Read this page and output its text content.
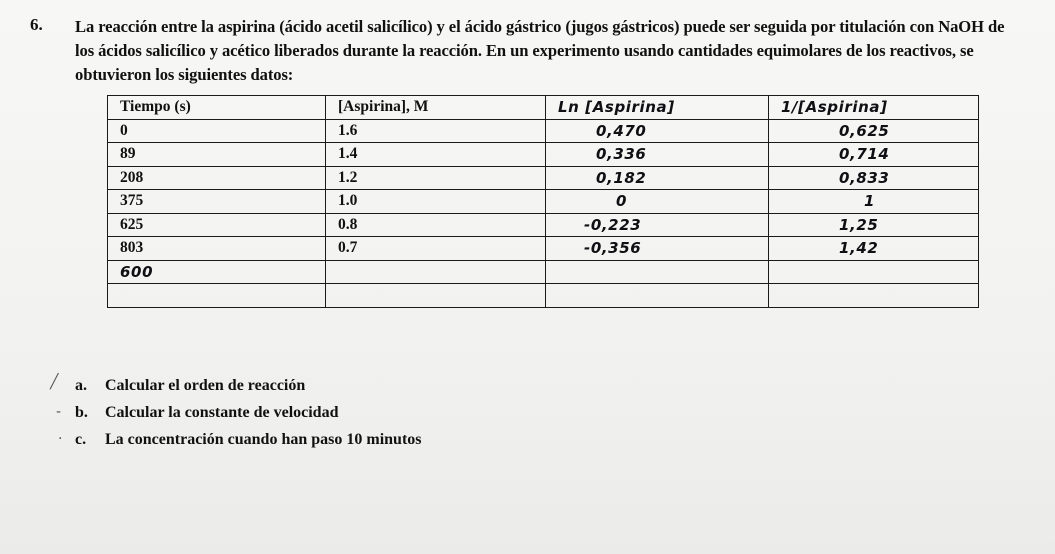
6. La reacción entre la aspirina (ácido acetil salicílico) y el ácido gástrico (jugos gástricos) puede ser seguida por titulación con NaOH de los ácidos salicílico y acético liberados durante la reacción. En un experimento usando cantidades equimolares de los reactivos, se obtuvieron los siguientes datos:
Tiempo (s)	[Aspirina], M	Ln [Aspirina]	1/[Aspirina]
0	1.6	0,470	0,625
89	1.4	0,336	0,714
208	1.2	0,182	0,833
375	1.0	0	1
625	0.8	-0,223	1,25
803	0.7	-0,356	1,42
600			

╱
-
·
a.	Calcular el orden de reacción
b.	Calcular la constante de velocidad
c.	La concentración cuando han paso 10 minutos
